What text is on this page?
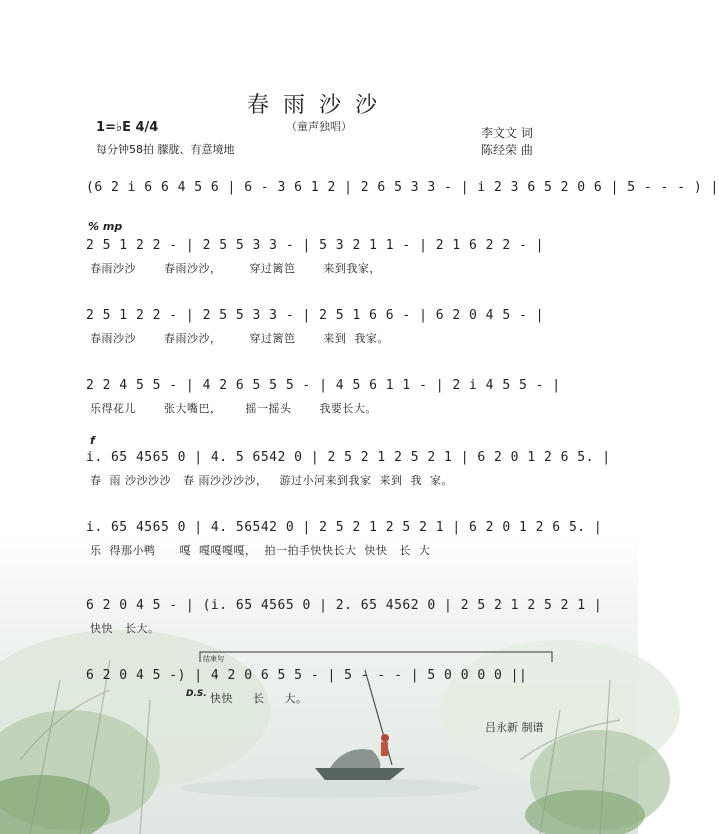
春雨沙沙
（童声独唱）
1=♭E 4/4
每分钟58拍 朦胧、有意境地
李文文 词
陈经荣 曲
(6 2 i 6 6 4 5 6 | 6 - 3 6 1 2 | 2 6 5 3 3 - | i 2 3 6 5 2 0 6 | 5 - - - ) |
% mp
2 5 1 2 2 - | 2 5 5 3 3 - | 5 3 2 1 1 - | 2 1 6 2 2 - |
春雨沙沙       春雨沙沙，       穿过篱笆       来到我家，
2 5 1 2 2 - | 2 5 5 3 3 - | 2 5 1 6 6 - | 6 2 0 4 5 - |
春雨沙沙       春雨沙沙，       穿过篱笆       来到  我家。
2 2 4 5 5 - | 4 2 6 5 5 5 - | 4 5 6 1 1 - | 2 i 4 5 5 - |
乐得花儿       张大嘴巴，      摇一摇头       我要长大。
f
i. 65 4565 0 | 4. 5 6542 0 | 2 5 2 1 2 5 2 1 | 6 2 0 1 2 6 5. |
春  雨 沙沙沙沙   春 雨沙沙沙沙，   游过小河来到我家  来到  我  家。
i. 65 4565 0 | 4. 56542 0 | 2 5 2 1 2 5 2 1 | 6 2 0 1 2 6 5. |
乐  得那小鸭      嘎  嘎嘎嘎嘎，  拍一拍手快快长大  快快   长  大
6 2 0 4 5 - | (i. 65 4565 0 | 2. 65 4562 0 | 2 5 2 1 2 5 2 1 |
快快   长大。
结束句
6 2 0 4 5 -) | 4 2 0 6 5 5 - | 5 - - - | 5 0 0 0 0 ||
D.S. 快快     长     大。
吕永新 制谱
